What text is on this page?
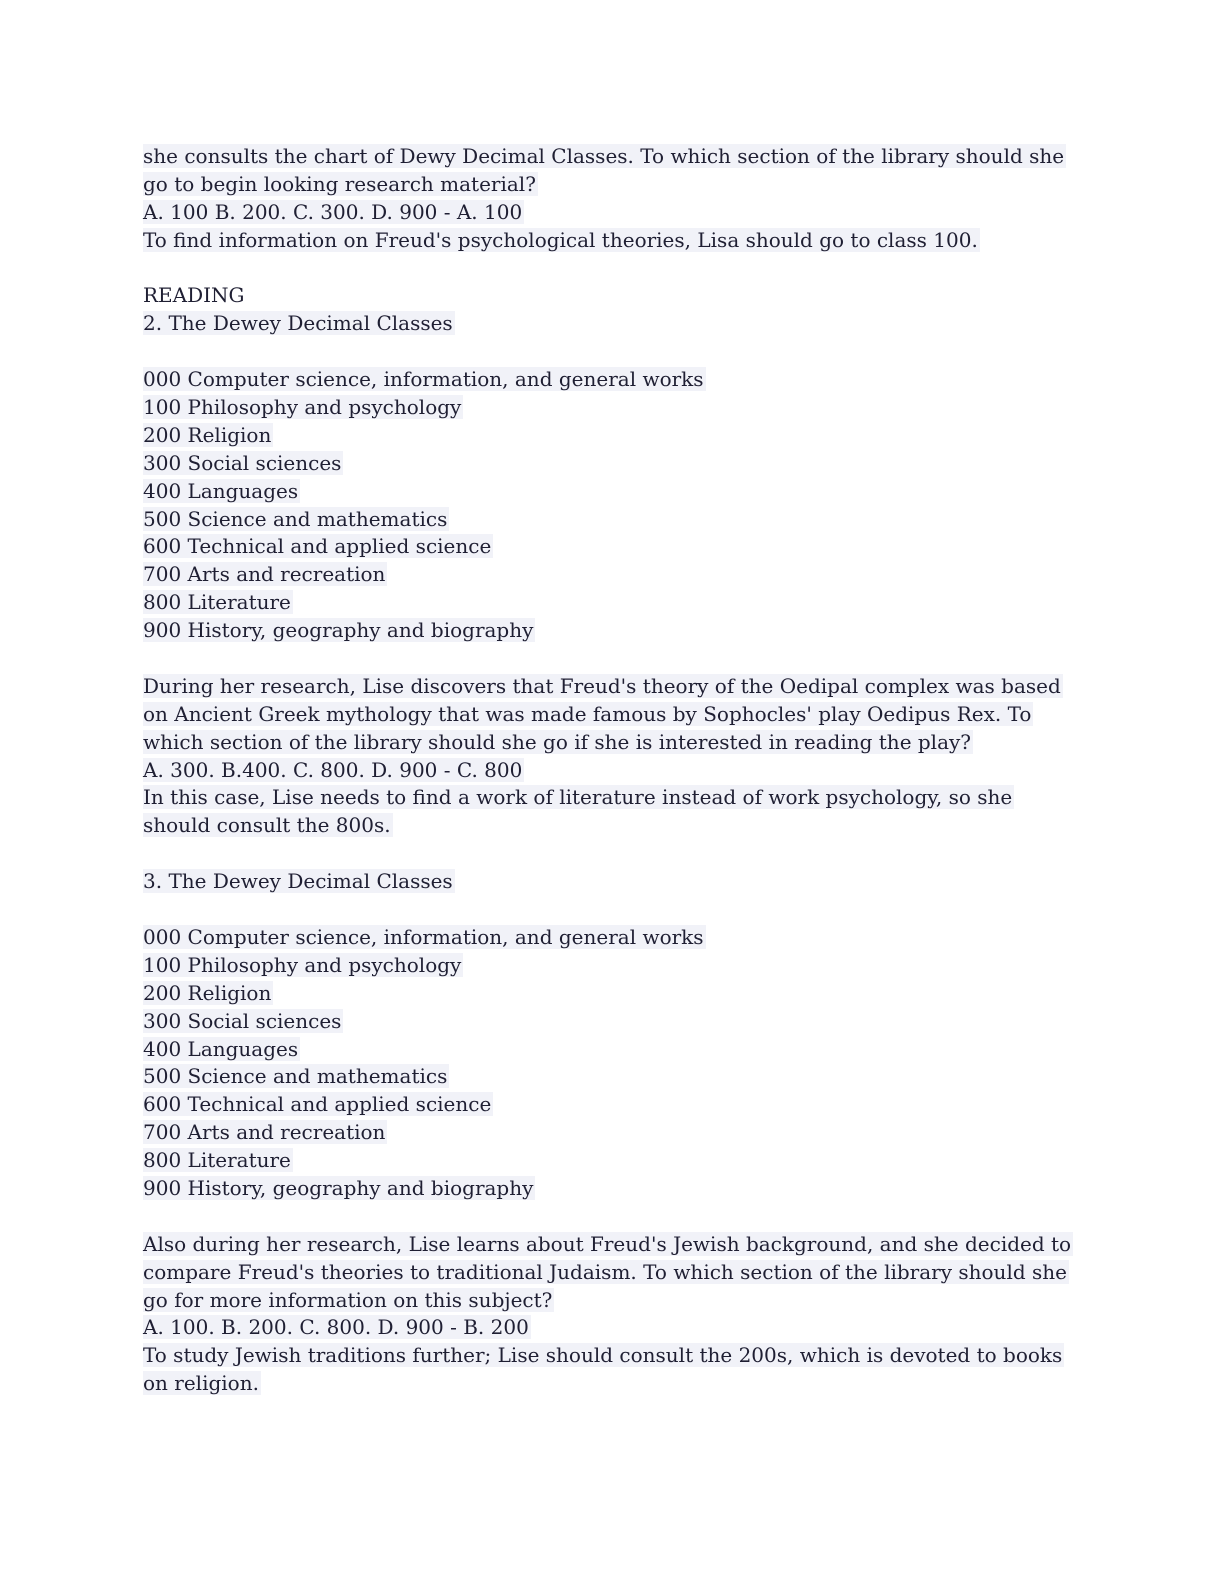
she consults the chart of Dewy Decimal Classes. To which section of the library should she
go to begin looking research material?
A. 100 B. 200. C. 300. D. 900 - A. 100
To find information on Freud's psychological theories, Lisa should go to class 100.
READING
2. The Dewey Decimal Classes
000 Computer science, information, and general works
100 Philosophy and psychology
200 Religion
300 Social sciences
400 Languages
500 Science and mathematics
600 Technical and applied science
700 Arts and recreation
800 Literature
900 History, geography and biography
During her research, Lise discovers that Freud's theory of the Oedipal complex was based
on Ancient Greek mythology that was made famous by Sophocles' play Oedipus Rex. To
which section of the library should she go if she is interested in reading the play?
A. 300. B.400. C. 800. D. 900 - C. 800
In this case, Lise needs to find a work of literature instead of work psychology, so she
should consult the 800s.
3. The Dewey Decimal Classes
000 Computer science, information, and general works
100 Philosophy and psychology
200 Religion
300 Social sciences
400 Languages
500 Science and mathematics
600 Technical and applied science
700 Arts and recreation
800 Literature
900 History, geography and biography
Also during her research, Lise learns about Freud's Jewish background, and she decided to
compare Freud's theories to traditional Judaism. To which section of the library should she
go for more information on this subject?
A. 100. B. 200. C. 800. D. 900 - B. 200
To study Jewish traditions further; Lise should consult the 200s, which is devoted to books
on religion.
